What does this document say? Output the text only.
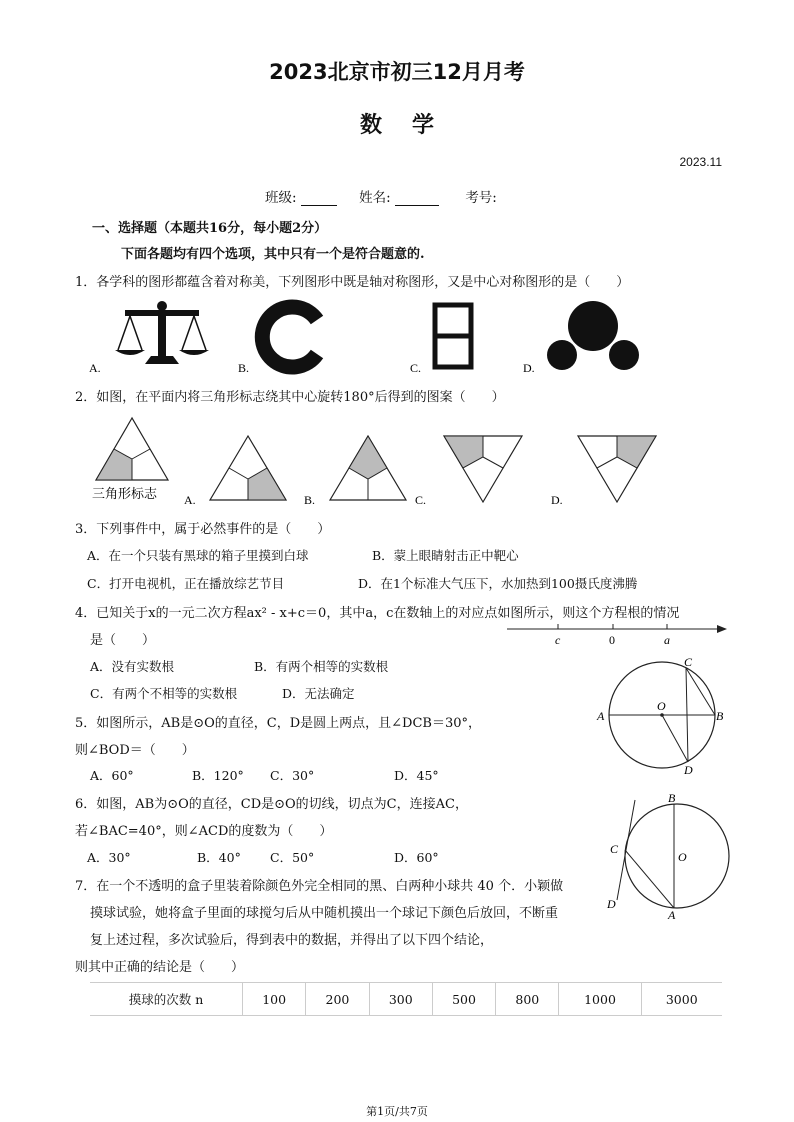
2023北京市初三12月月考
数学
2023.11
班级:	姓名:	考号:
一、选择题（本题共16分，每小题2分）
下面各题均有四个选项，其中只有一个是符合题意的.
1．各学科的图形都蕴含着对称美，下列图形中既是轴对称图形，又是中心对称图形的是（　　）
A.	B.	C.	D.
2．如图，在平面内将三角形标志绕其中心旋转180°后得到的图案（　　）
三角形标志 A.	B.	C.	D.
3．下列事件中，属于必然事件的是（　　）
A．在一个只装有黑球的箱子里摸到白球	B．蒙上眼睛射击正中靶心
C．打开电视机，正在播放综艺节目	D．在1个标准大气压下，水加热到100摄氏度沸腾
4．已知关于x的一元二次方程ax² - x+c＝0，其中a，c在数轴上的对应点如图所示，则这个方程根的情况
是（　　）	c	0	a
A．没有实数根	B．有两个相等的实数根
C．有两个不相等的实数根	D．无法确定
A	B
C
D
O
5．如图所示，AB是⊙O的直径，C，D是圆上两点，且∠DCB＝30°，
则∠BOD＝（　　）
A．60°	B．120° C．30°	D．45°
B
A
C
D
O
6．如图，AB为⊙O的直径，CD是⊙O的切线，切点为C，连接AC，
若∠BAC=40°，则∠ACD的度数为（　　）
A．30°	B．40° C．50°	D．60°
7．在一个不透明的盒子里装着除颜色外完全相同的黑、白两种小球共 40 个．小颖做
摸球试验，她将盒子里面的球搅匀后从中随机摸出一个球记下颜色后放回，不断重
复上述过程，多次试验后，得到表中的数据，并得出了以下四个结论，
则其中正确的结论是（　　）
摸球的次数 n	100	200	300	500	800	1000	3000
第1页/共7页
